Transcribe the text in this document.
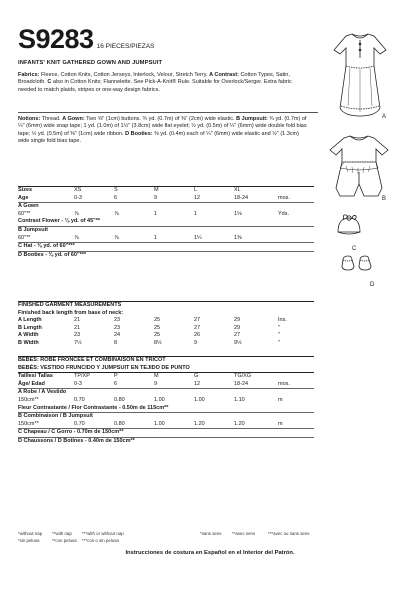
S9283 16 PIECES/PIEZAS
INFANTS' KNIT GATHERED GOWN AND JUMPSUIT
Fabrics: Fleece, Cotton Knits, Cotton Jerseys, Interlock, Velour, Stretch Terry. A Contrast: Cotton Types, Satin, Broadcloth. C also in Cotton Knits; Flannelette. See Pick-A-Knit® Rule. Suitable for Overlock/Serger. Extra fabric needed to match plaids, stripes or one-way design fabrics.
Notions: Thread. A Gown: Two ⅝" (1cm) buttons. ¾ yd. (0.7m) of ⅜" (2cm) wide elastic. B Jumpsuit: ¾ yd. (0.7m) of ¼" (6mm) wide snap tape; 1 yd. (1.0m) of 1½" (3.8cm) wide flat eyelet; ½ yd. (0.5m) of ¼" (6mm) wide double fold bias tape; ½ yd. (0.5m) of ⅜" (1cm) wide ribbon. D Booties: ⅜ yd. (0.4m) each of ¼" (6mm) wide elastic and ½" (1.3cm) wide single fold bias tape.
Sizes	XS	S	M	L	XL	
Age	0-3	6	9	12	18-24	mos.
A Gown						
60"**	⅞	⅞	1	1	1⅛	Yds.
Contrast Flower - ⅛ yd. of 45"**						
B Jumpsuit						
60"**	⅞	⅞	1	1¼	1⅜	
C Hat - ⅜ yd. of 60"***						
D Booties - ⅜ yd. of 60"***						
FINISHED GARMENT MEASUREMENTS						
Finished back length from base of neck:						
A Length	21	23	25	27	29	Ins.
B Length	21	23	25	27	29	"
A Width	23	24	25	26	27	"
B Width	7½	8	8½	9	9½	"
BÉBÉS: ROBE FRONCÉE ET COMBINAISON EN TRICOT						
BEBÉS: VESTIDO FRUNCIDO Y JUMPSUIT EN TEJIDO DE PUNTO						
Tailles/ Tallas	TP/XP	P	M	G	TG/XG	
Âge/ Edad	0-3	6	9	12	18-24	mos.
A Robe / A Vestido						
150cm**	0.70	0.80	1.00	1.00	1.10	m
Fleur Contrastante / Flor Contrastante - 0.50m de 115cm**						
B Combinaison / B Jumpsuit						
150cm**	0.70	0.80	1.00	1.20	1.20	m
C Chapeau / C Gorro - 0.70m de 150cm**						
D Chaussons / D Botines - 0.40m de 150cm**						
*without nap **with nap ***with or without nap
*sin pelusa	**con pelusa ***con o sin pelusa
*sans sens **avec sens	***avec ou sans sens
Instrucciones de costura en Español en el Interior del Patrón.
A
B
C
D
